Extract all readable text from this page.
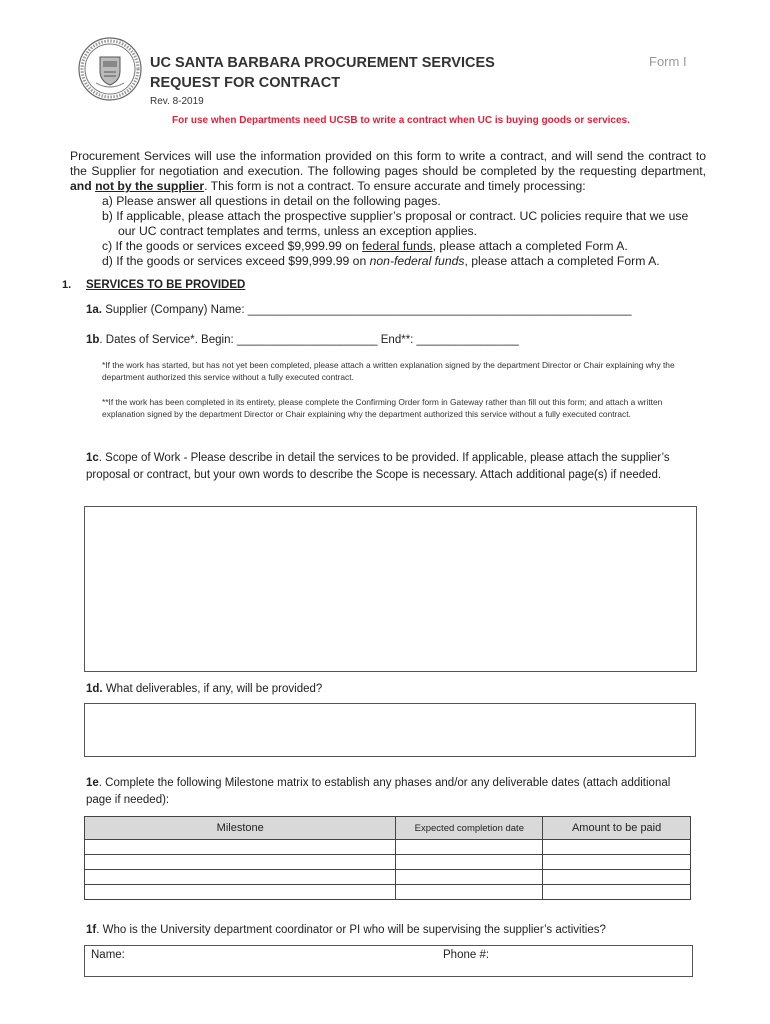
UC SANTA BARBARA PROCUREMENT SERVICES
REQUEST FOR CONTRACT
Form I
Rev. 8-2019
For use when Departments need UCSB to write a contract when UC is buying goods or services.

Procurement Services will use the information provided on this form to write a contract, and will send the contract to the Supplier for negotiation and execution. The following pages should be completed by the requesting department, and not by the supplier. This form is not a contract. To ensure accurate and timely processing:

a) Please answer all questions in detail on the following pages.
b) If applicable, please attach the prospective supplier’s proposal or contract. UC policies require that we use our UC contract templates and terms, unless an exception applies.
c) If the goods or services exceed $9,999.99 on federal funds, please attach a completed Form A.
d) If the goods or services exceed $99,999.99 on non-federal funds, please attach a completed Form A.
1. SERVICES TO BE PROVIDED
1a. Supplier (Company) Name: ____________________________________________________________
1b. Dates of Service*. Begin: ______________________ End**: ________________
*If the work has started, but has not yet been completed, please attach a written explanation signed by the department Director or Chair explaining why the department authorized this service without a fully executed contract.
**If the work has been completed in its entirety, please complete the Confirming Order form in Gateway rather than fill out this form; and attach a written explanation signed by the department Director or Chair explaining why the department authorized this service without a fully executed contract.
1c. Scope of Work - Please describe in detail the services to be provided. If applicable, please attach the supplier’s proposal or contract, but your own words to describe the Scope is necessary. Attach additional page(s) if needed.
1d. What deliverables, if any, will be provided?
1e. Complete the following Milestone matrix to establish any phases and/or any deliverable dates (attach additional page if needed):
Milestone	Expected completion date	Amount to be paid

1f. Who is the University department coordinator or PI who will be supervising the supplier’s activities?
Name:	Phone #:
